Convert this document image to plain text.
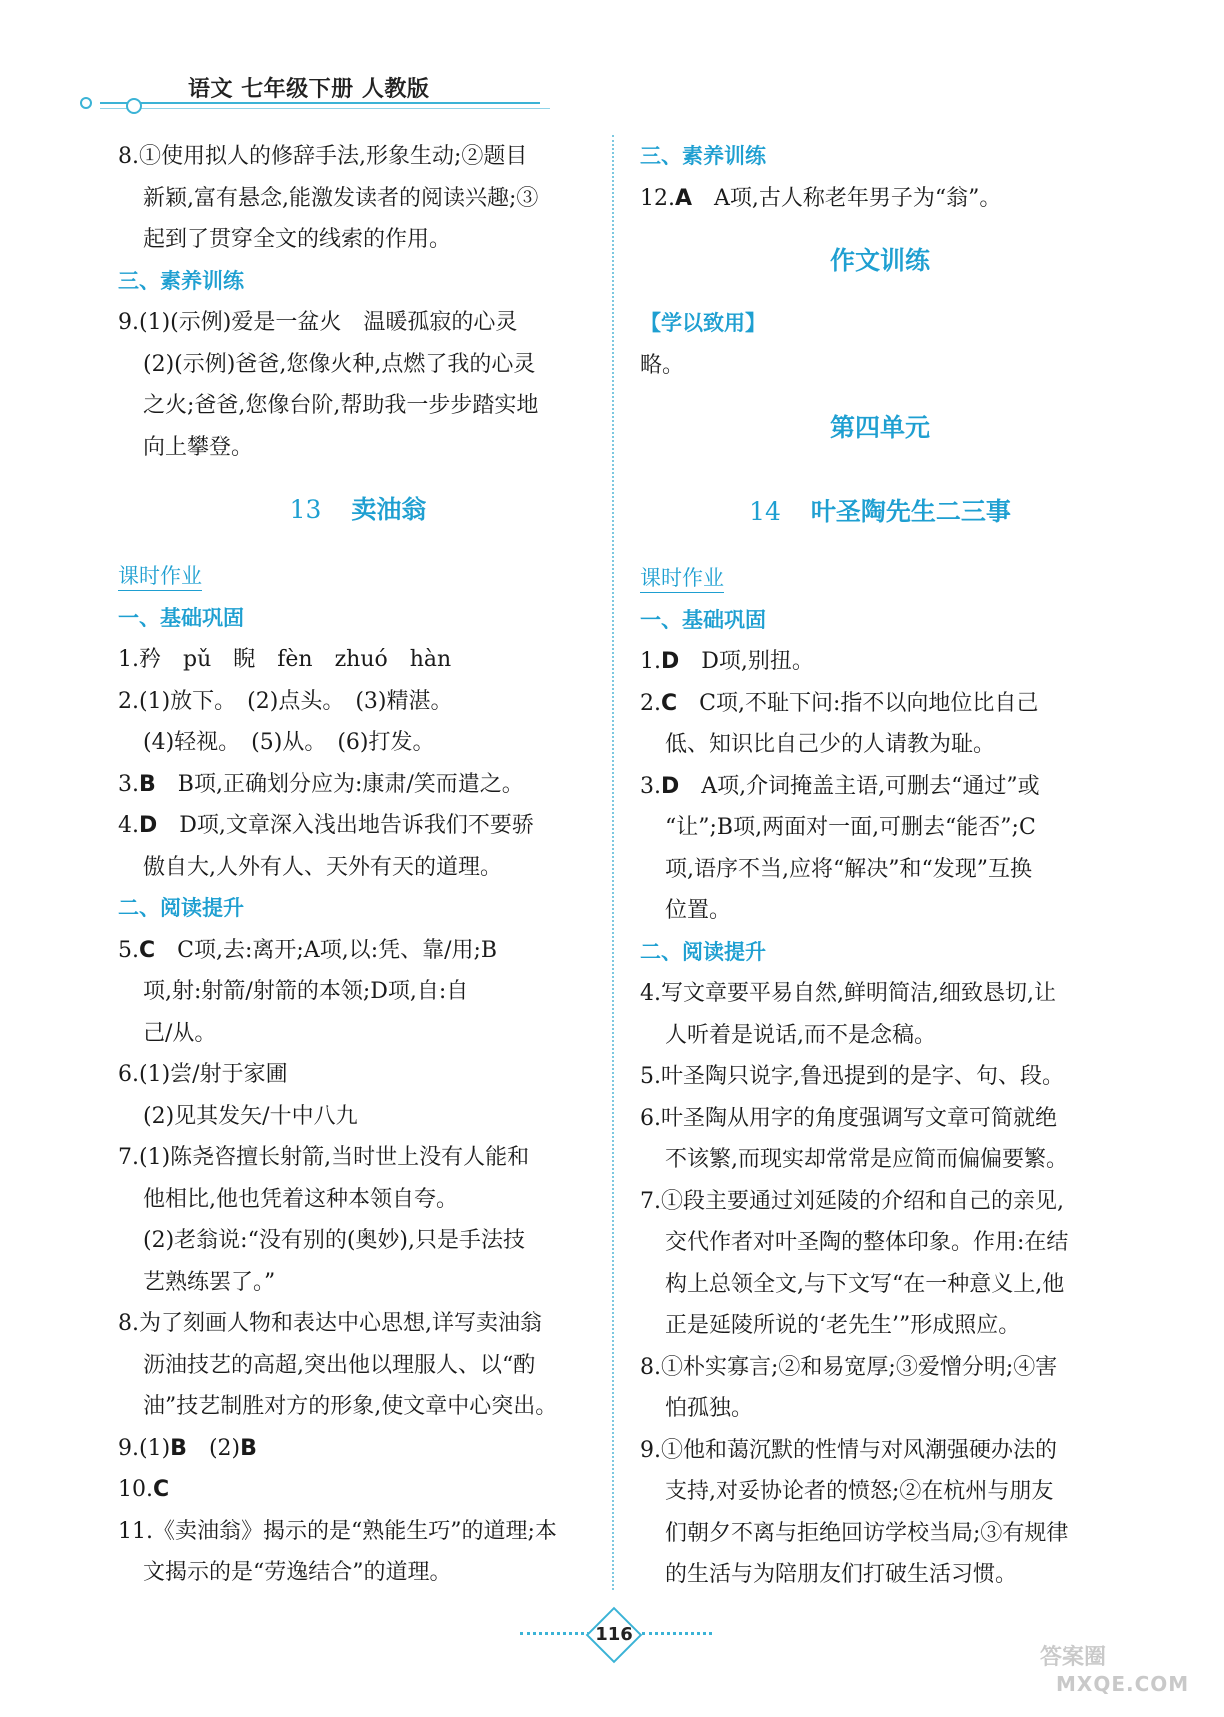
语文 七年级下册 人教版
8.①使用拟人的修辞手法,形象生动;②题目
新颖,富有悬念,能激发读者的阅读兴趣;③
起到了贯穿全文的线索的作用。
三、素养训练
9.(1)(示例)爱是一盆火　温暖孤寂的心灵
(2)(示例)爸爸,您像火种,点燃了我的心灵
之火;爸爸,您像台阶,帮助我一步步踏实地
向上攀登。
13 卖油翁
课时作业
一、基础巩固
1.矜　pǔ　睨　fèn　zhuó　hàn
2.(1)放下。　(2)点头。　(3)精湛。
(4)轻视。　(5)从。　(6)打发。
3.B　B项,正确划分应为:康肃/笑而遣之。
4.D　D项,文章深入浅出地告诉我们不要骄
傲自大,人外有人、天外有天的道理。
二、阅读提升
5.C　C项,去:离开;A项,以:凭、靠/用;B
项,射:射箭/射箭的本领;D项,自:自
己/从。
6.(1)尝/射于家圃
(2)见其发矢/十中八九
7.(1)陈尧咨擅长射箭,当时世上没有人能和
他相比,他也凭着这种本领自夸。
(2)老翁说:“没有别的(奥妙),只是手法技
艺熟练罢了。”
8.为了刻画人物和表达中心思想,详写卖油翁
沥油技艺的高超,突出他以理服人、以“酌
油”技艺制胜对方的形象,使文章中心突出。
9.(1)B　(2)B
10.C
11.《卖油翁》揭示的是“熟能生巧”的道理;本
文揭示的是“劳逸结合”的道理。
三、素养训练
12.A　A项,古人称老年男子为“翁”。
作文训练
【学以致用】
略。
第四单元
14 叶圣陶先生二三事
课时作业
一、基础巩固
1.D　D项,别扭。
2.C　C项,不耻下问:指不以向地位比自己
低、知识比自己少的人请教为耻。
3.D　A项,介词掩盖主语,可删去“通过”或
“让”;B项,两面对一面,可删去“能否”;C
项,语序不当,应将“解决”和“发现”互换
位置。
二、阅读提升
4.写文章要平易自然,鲜明简洁,细致恳切,让
人听着是说话,而不是念稿。
5.叶圣陶只说字,鲁迅提到的是字、句、段。
6.叶圣陶从用字的角度强调写文章可简就绝
不该繁,而现实却常常是应简而偏偏要繁。
7.①段主要通过刘延陵的介绍和自己的亲见,
交代作者对叶圣陶的整体印象。作用:在结
构上总领全文,与下文写“在一种意义上,他
正是延陵所说的‘老先生’”形成照应。
8.①朴实寡言;②和易宽厚;③爱憎分明;④害
怕孤独。
9.①他和蔼沉默的性情与对风潮强硬办法的
支持,对妥协论者的愤怒;②在杭州与朋友
们朝夕不离与拒绝回访学校当局;③有规律
的生活与为陪朋友们打破生活习惯。
116
答案圈
MXQE.COM
